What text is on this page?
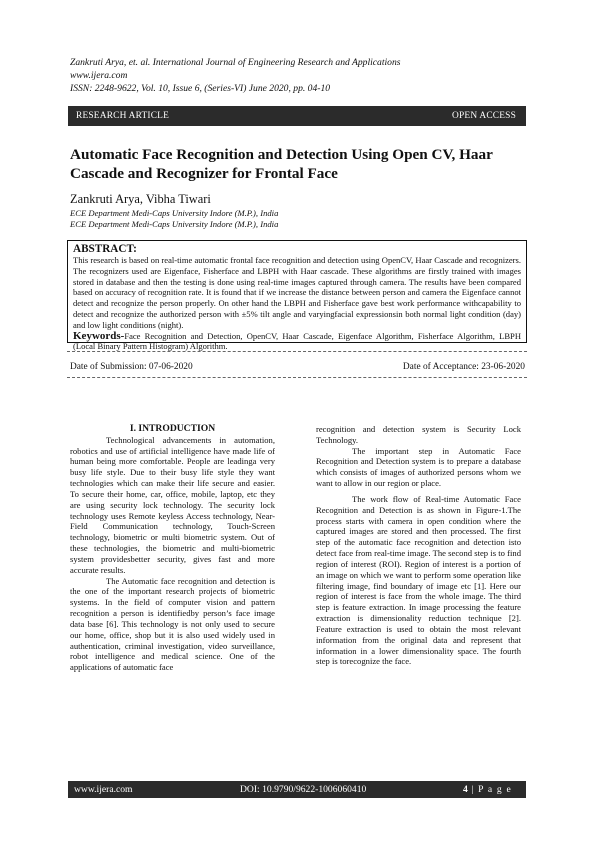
Zankruti Arya, et. al. International Journal of Engineering Research and Applications
www.ijera.com
ISSN: 2248-9622, Vol. 10, Issue 6, (Series-VI) June 2020, pp. 04-10
RESEARCH ARTICLE	OPEN ACCESS
Automatic Face Recognition and Detection Using Open CV, Haar Cascade and Recognizer for Frontal Face
Zankruti Arya, Vibha Tiwari
ECE Department Medi-Caps University Indore (M.P.), India
ECE Department Medi-Caps University Indore (M.P.), India
ABSTRACT:
This research is based on real-time automatic frontal face recognition and detection using OpenCV, Haar Cascade and recognizers. The recognizers used are Eigenface, Fisherface and LBPH with Haar cascade. These algorithms are firstly trained with images stored in database and then the testing is done using real-time images captured through camera. The results have been compared based on accuracy of recognition rate. It is found that if we increase the distance between person and camera the Eigenface cannot detect and recognize the person properly. On other hand the LBPH and Fisherface gave best work performance withcapability to detect and recognize the authorized person with ±5% tilt angle and varyingfacial expressionsin both normal light condition (day) and low light conditions (night).
Keywords-Face Recognition and Detection, OpenCV, Haar Cascade, Eigenface Algorithm, Fisherface Algorithm, LBPH (Local Binary Pattern Histogram) Algorithm.
Date of Submission: 07-06-2020	Date of Acceptance: 23-06-2020
I. INTRODUCTION

Technological advancements in automation, robotics and use of artificial intelligence have made life of human being more comfortable. People are leadinga very busy life style. Due to their busy life style they want technologies which can make their life secure and easier. To secure their home, car, office, mobile, laptop, etc they are using security lock technology. The security lock technology uses Remote keyless Access technology, Near-Field Communication technology, Touch-Screen technology, biometric or multi biometric system. Out of these technologies, the biometric and multi-biometric system providesbetter security, gives fast and more accurate results.

The Automatic face recognition and detection is the one of the important research projects of biometric systems. In the field of computer vision and pattern recognition a person is identifiedby person’s face image data base [6]. This technology is not only used to secure our home, office, shop but it is also used widely used in authentication, criminal investigation, video surveillance, robot intelligence and medical science. One of the applications of automatic face

recognition and detection system is Security Lock Technology.

The important step in Automatic Face Recognition and Detection system is to prepare a database which consists of images of authorized persons whom we want to allow in our region or place.

The work flow of Real-time Automatic Face Recognition and Detection is as shown in Figure-1.The process starts with camera in open condition where the captured images are stored and then processed. The first step of the automatic face recognition and detection isto detect face from real-time image. The second step is to find region of interest (ROI). Region of interest is a portion of an image on which we want to perform some operation like filtering image, find boundary of image etc [1]. Here our region of interest is face from the whole image. The third step is feature extraction. In image processing the feature extraction is dimensionality reduction technique [2]. Feature extraction is used to obtain the most relevant information from the original data and represent that information in a lower dimensionality space. The fourth step is torecognize the face.

www.ijera.com	DOI: 10.9790/9622-1006060410	4 | P a g e
